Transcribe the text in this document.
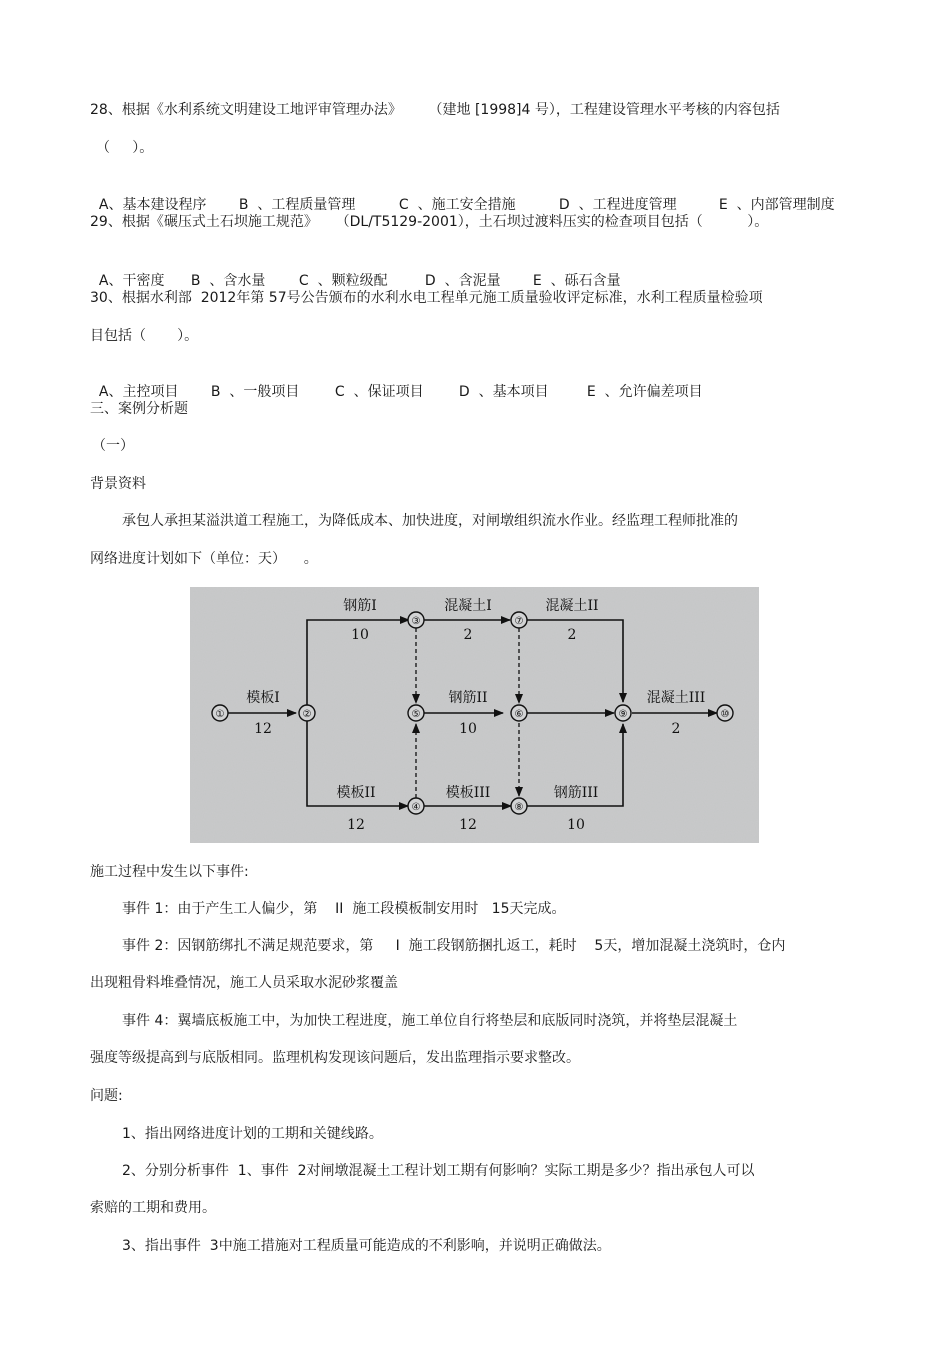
28、根据《水利系统文明建设工地评审管理办法》      （建地 [1998]4 号），工程建设管理水平考核的内容包括
（     ）。

A、基本建设程序 B  、工程质量管理	C  、施工安全措施	D  、工程进度管理	E  、内部管理制度

29、根据《碾压式土石坝施工规范》    （DL/T5129-2001），土石坝过渡料压实的检查项目包括（          ）。

A、干密度 B  、含水量 C  、颗粒级配	D  、含泥量 E  、砾石含量

30、根据水利部  2012年第 57号公告颁布的水利水电工程单元施工质量验收评定标准，水利工程质量检验项
目包括（       ）。

A、主控项目 B  、一般项目	C  、保证项目	D  、基本项目	E  、允许偏差项目

三、案例分析题
（一）
背景资料
承包人承担某溢洪道工程施工，为降低成本、加快进度，对闸墩组织流水作业。经监理工程师批准的
网络进度计划如下（单位：天）    。
①	②
③
④
⑤	⑥
⑦
⑧
⑨	⑩
模板I
12
钢筋I
10
混凝土I
2
混凝土II
2
钢筋II
10
混凝土III
2
模板II
12
模板III
12
钢筋III
10
施工过程中发生以下事件:
事件 1：由于产生工人偏少，第    II  施工段模板制安用时   15天完成。
事件 2：因钢筋绑扎不满足规范要求，第     I  施工段钢筋捆扎返工，耗时    5天，增加混凝土浇筑时，仓内
出现粗骨料堆叠情况，施工人员采取水泥砂浆覆盖
事件 4：翼墙底板施工中，为加快工程进度，施工单位自行将垫层和底版同时浇筑，并将垫层混凝土
强度等级提高到与底版相同。监理机构发现该问题后，发出监理指示要求整改。
问题:
1、指出网络进度计划的工期和关键线路。
2、分别分析事件  1、事件  2对闸墩混凝土工程计划工期有何影响？实际工期是多少？指出承包人可以
索赔的工期和费用。
3、指出事件  3中施工措施对工程质量可能造成的不利影响，并说明正确做法。
